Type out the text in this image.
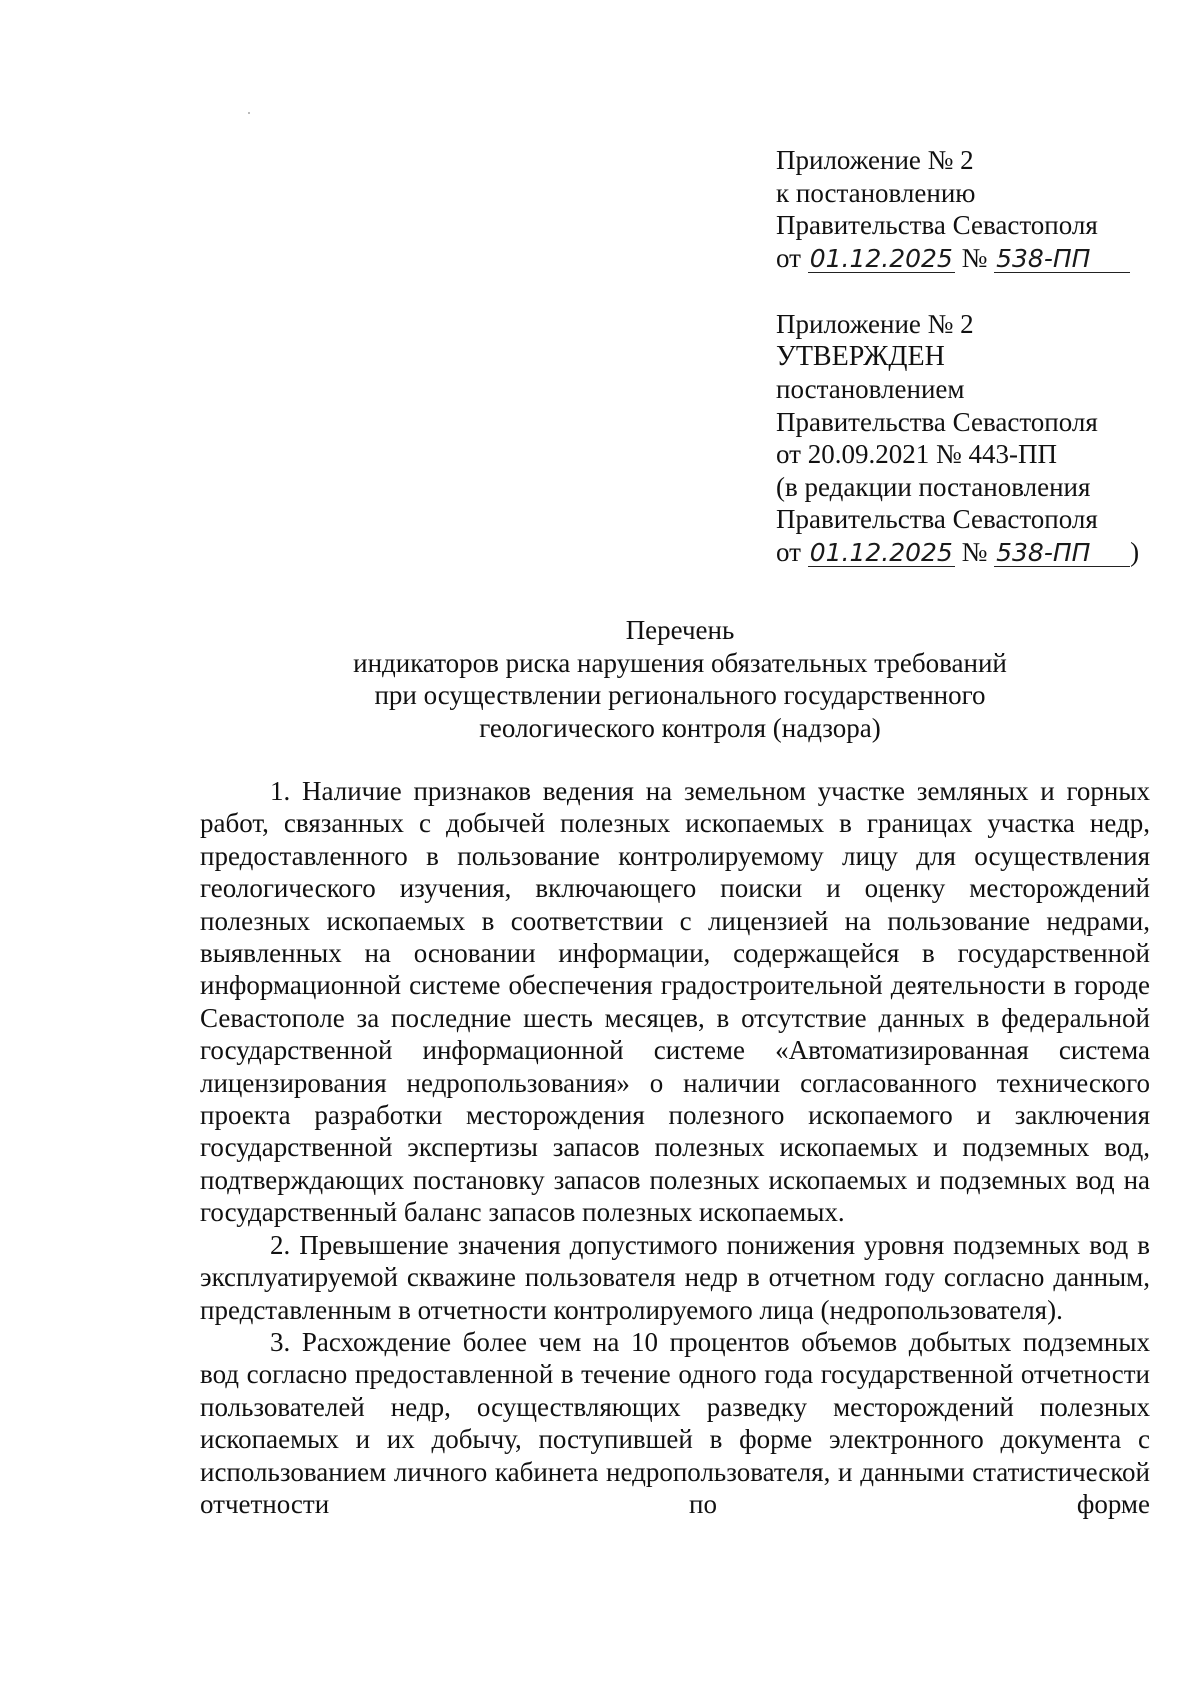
Приложение № 2
к постановлению
Правительства Севастополя
от 01.12.2025 № 538-ПП
Приложение № 2
УТВЕРЖДЕН
постановлением
Правительства Севастополя
от 20.09.2021 № 443-ПП
(в редакции постановления
Правительства Севастополя
от 01.12.2025 № 538-ПП )
Перечень
индикаторов риска нарушения обязательных требований
при осуществлении регионального государственного
геологического контроля (надзора)

1. Наличие признаков ведения на земельном участке земляных и горных работ, связанных с добычей полезных ископаемых в границах участка недр, предоставленного в пользование контролируемому лицу для осуществления геологического изучения, включающего поиски и оценку месторождений полезных ископаемых в соответствии с лицензией на пользование недрами, выявленных на основании информации, содержащейся в государственной информационной системе обеспечения градостроительной деятельности в городе Севастополе за последние шесть месяцев, в отсутствие данных в федеральной государственной информационной системе «Автоматизированная система лицензирования недропользования» о наличии согласованного технического проекта разработки месторождения полезного ископаемого и заключения государственной экспертизы запасов полезных ископаемых и подземных вод, подтверждающих постановку запасов полезных ископаемых и подземных вод на государственный баланс запасов полезных ископаемых.

2. Превышение значения допустимого понижения уровня подземных вод в эксплуатируемой скважине пользователя недр в отчетном году согласно данным, представленным в отчетности контролируемого лица (недропользователя).

3. Расхождение более чем на 10 процентов объемов добытых подземных вод согласно предоставленной в течение одного года государственной отчетности пользователей недр, осуществляющих разведку месторождений полезных ископаемых и их добычу, поступившей в форме электронного документа с использованием личного кабинета недропользователя, и данными статистической отчетности по форме
